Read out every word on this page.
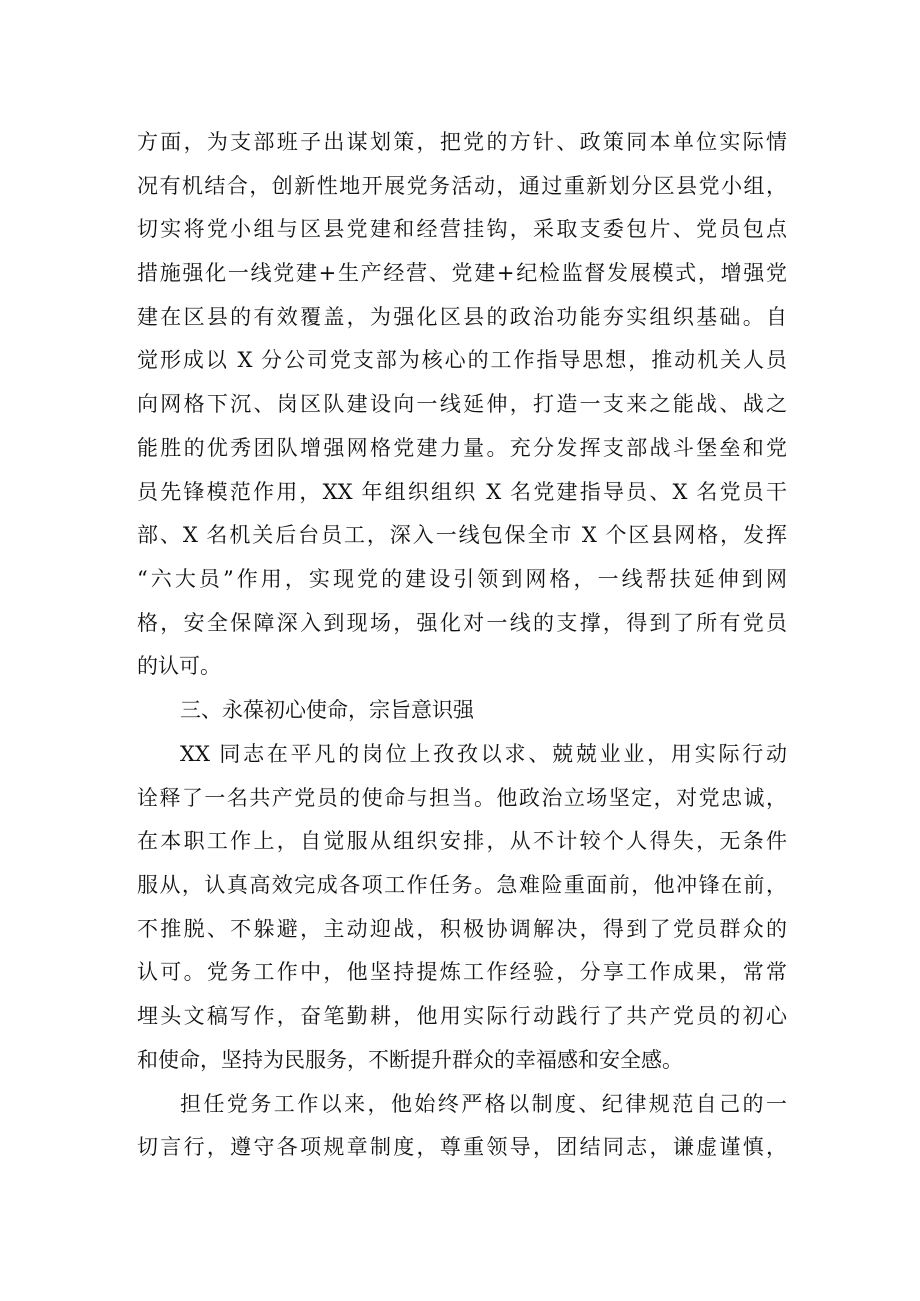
方面，为支部班子出谋划策，把党的方针、政策同本单位实际情
况有机结合，创新性地开展党务活动，通过重新划分区县党小组，
切实将党小组与区县党建和经营挂钩，采取支委包片、党员包点
措施强化一线党建+生产经营、党建+纪检监督发展模式，增强党
建在区县的有效覆盖，为强化区县的政治功能夯实组织基础。自
觉形成以 X 分公司党支部为核心的工作指导思想，推动机关人员
向网格下沉、岗区队建设向一线延伸，打造一支来之能战、战之
能胜的优秀团队增强网格党建力量。充分发挥支部战斗堡垒和党
员先锋模范作用，XX 年组织组织 X 名党建指导员、X 名党员干
部、X 名机关后台员工，深入一线包保全市 X 个区县网格，发挥
“六大员”作用，实现党的建设引领到网格，一线帮扶延伸到网
格，安全保障深入到现场，强化对一线的支撑，得到了所有党员
的认可。
三、永葆初心使命，宗旨意识强
XX 同志在平凡的岗位上孜孜以求、兢兢业业，用实际行动
诠释了一名共产党员的使命与担当。他政治立场坚定，对党忠诚，
在本职工作上，自觉服从组织安排，从不计较个人得失，无条件
服从，认真高效完成各项工作任务。急难险重面前，他冲锋在前，
不推脱、不躲避，主动迎战，积极协调解决，得到了党员群众的
认可。党务工作中，他坚持提炼工作经验，分享工作成果，常常
埋头文稿写作，奋笔勤耕，他用实际行动践行了共产党员的初心
和使命，坚持为民服务，不断提升群众的幸福感和安全感。
担任党务工作以来，他始终严格以制度、纪律规范自己的一
切言行，遵守各项规章制度，尊重领导，团结同志，谦虚谨慎，
